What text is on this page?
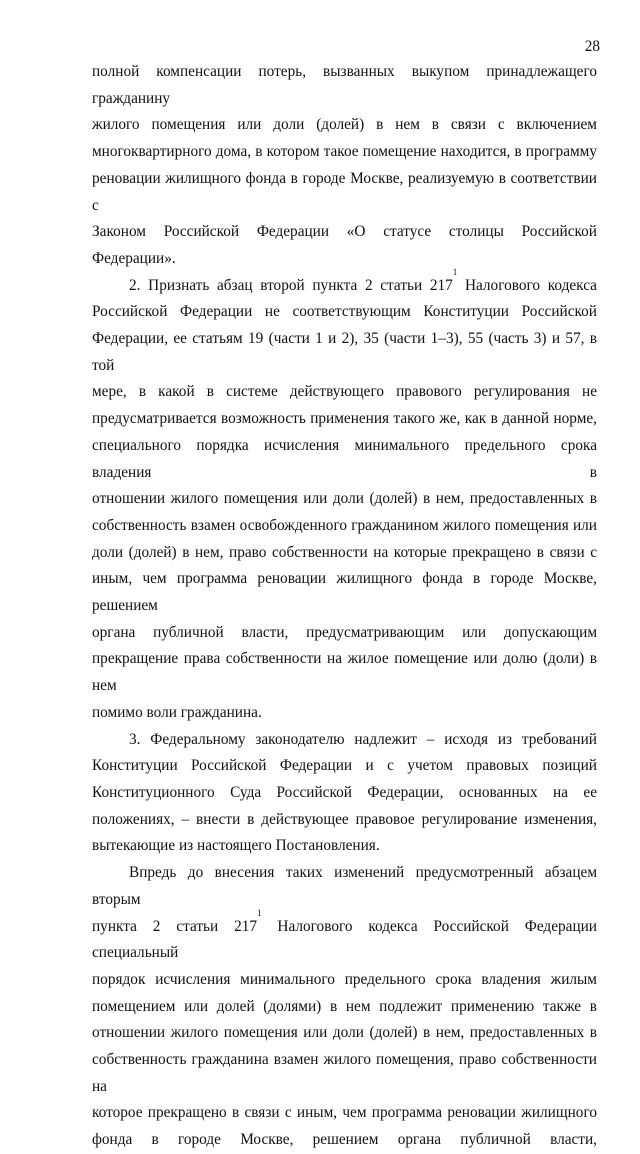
28

полной компенсации потерь, вызванных выкупом принадлежащего гражданину
жилого помещения или доли (долей) в нем в связи с включением
многоквартирного дома, в котором такое помещение находится, в программу
реновации жилищного фонда в городе Москве, реализуемую в соответствии с
Законом Российской Федерации «О статусе столицы Российской Федерации».

2. Признать абзац второй пункта 2 статьи $217^1$ Налогового кодекса
Российской Федерации не соответствующим Конституции Российской
Федерации, ее статьям 19 (части 1 и 2), 35 (части 1–3), 55 (часть 3) и 57, в той
мере, в какой в системе действующего правового регулирования не
предусматривается возможность применения такого же, как в данной норме,
специального порядка исчисления минимального предельного срока владения в
отношении жилого помещения или доли (долей) в нем, предоставленных в
собственность взамен освобожденного гражданином жилого помещения или
доли (долей) в нем, право собственности на которые прекращено в связи с
иным, чем программа реновации жилищного фонда в городе Москве, решением
органа публичной власти, предусматривающим или допускающим
прекращение права собственности на жилое помещение или долю (доли) в нем
помимо воли гражданина.

3. Федеральному законодателю надлежит – исходя из требований
Конституции Российской Федерации и с учетом правовых позиций
Конституционного Суда Российской Федерации, основанных на ее
положениях, – внести в действующее правовое регулирование изменения,
вытекающие из настоящего Постановления.

Впредь до внесения таких изменений предусмотренный абзацем вторым
пункта 2 статьи $217^1$ Налогового кодекса Российской Федерации специальный
порядок исчисления минимального предельного срока владения жилым
помещением или долей (долями) в нем подлежит применению также в
отношении жилого помещения или доли (долей) в нем, предоставленных в
собственность гражданина взамен жилого помещения, право собственности на
которое прекращено в связи с иным, чем программа реновации жилищного
фонда в городе Москве, решением органа публичной власти,
